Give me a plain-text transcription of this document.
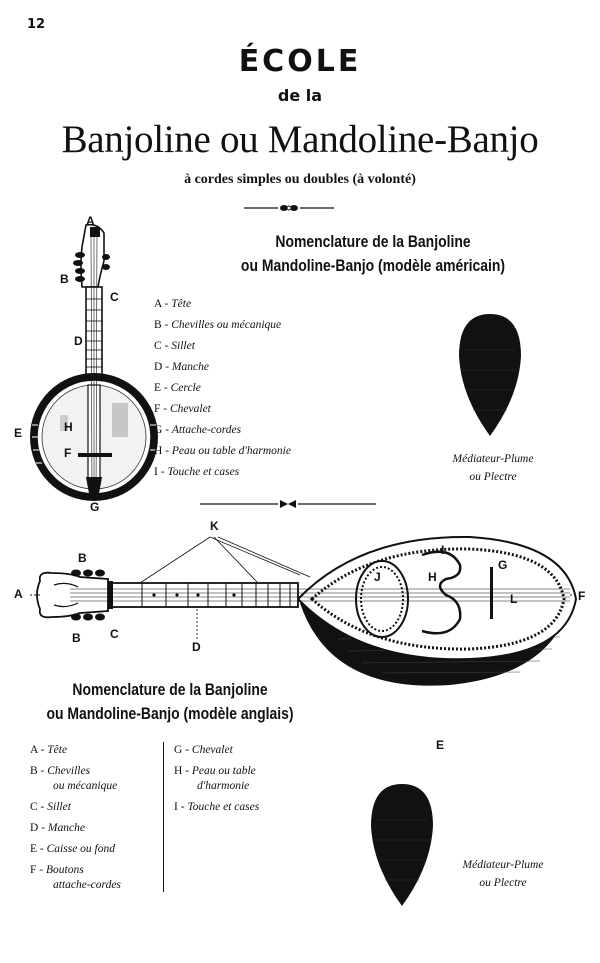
12
ÉCOLE
de la
Banjoline ou Mandoline-Banjo
à cordes simples ou doubles (à volonté)
A
B
C
D
E	H
F
G
Nomenclature de la Banjoline
ou Mandoline-Banjo (modèle américain)
A - Tête
B - Chevilles ou mécanique
C - Sillet
D - Manche
E - Cercle
F - Chevalet
G - Attache-cordes
H - Peau ou table d'harmonie
I - Touche et cases
Médiateur-Plume
ou Plectre
K
B
A
B C
D
J
I
H
G
L	F
E
Nomenclature de la Banjoline
ou Mandoline-Banjo (modèle anglais)
A - Tête
B - Chevilles
ou mécanique
C - Sillet
D - Manche
E - Caisse ou fond
F - Boutons
attache-cordes
G - Chevalet
H - Peau ou table
d'harmonie
I - Touche et cases
Médiateur-Plume
ou Plectre
